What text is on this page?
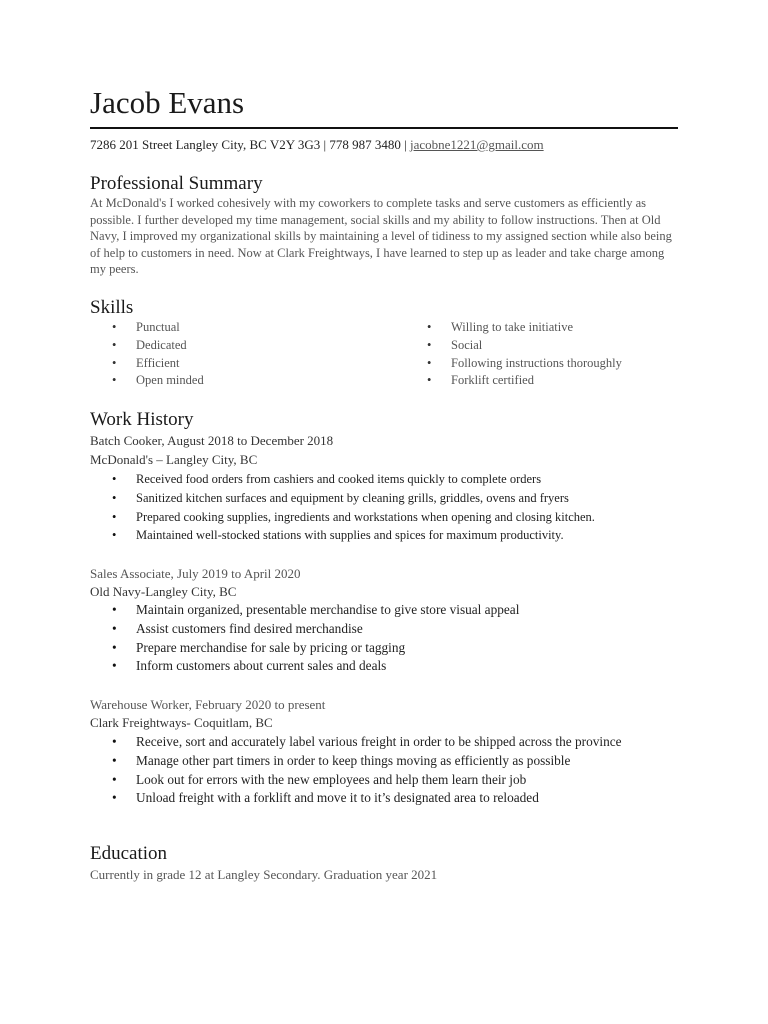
Jacob Evans
7286 201 Street Langley City, BC V2Y 3G3 | 778 987 3480 | jacobne1221@gmail.com
Professional Summary

At McDonald's I worked cohesively with my coworkers to complete tasks and serve customers as efficiently as possible. I further developed my time management, social skills and my ability to follow instructions. Then at Old Navy, I improved my organizational skills by maintaining a level of tidiness to my assigned section while also being of help to customers in need. Now at Clark Freightways, I have learned to step up as leader and take charge among my peers.

Skills
• Punctual
• Dedicated
• Efficient
• Open minded
• Willing to take initiative
• Social
• Following instructions thoroughly
• Forklift certified
Work History
Batch Cooker, August 2018 to December 2018
McDonald's – Langley City, BC
• Received food orders from cashiers and cooked items quickly to complete orders
• Sanitized kitchen surfaces and equipment by cleaning grills, griddles, ovens and fryers
• Prepared cooking supplies, ingredients and workstations when opening and closing kitchen.
• Maintained well-stocked stations with supplies and spices for maximum productivity.
Sales Associate, July 2019 to April 2020
Old Navy-Langley City, BC
• Maintain organized, presentable merchandise to give store visual appeal
• Assist customers find desired merchandise
• Prepare merchandise for sale by pricing or tagging
• Inform customers about current sales and deals
Warehouse Worker, February 2020 to present
Clark Freightways- Coquitlam, BC
• Receive, sort and accurately label various freight in order to be shipped across the province
• Manage other part timers in order to keep things moving as efficiently as possible
• Look out for errors with the new employees and help them learn their job
• Unload freight with a forklift and move it to it’s designated area to reloaded
Education
Currently in grade 12 at Langley Secondary. Graduation year 2021
